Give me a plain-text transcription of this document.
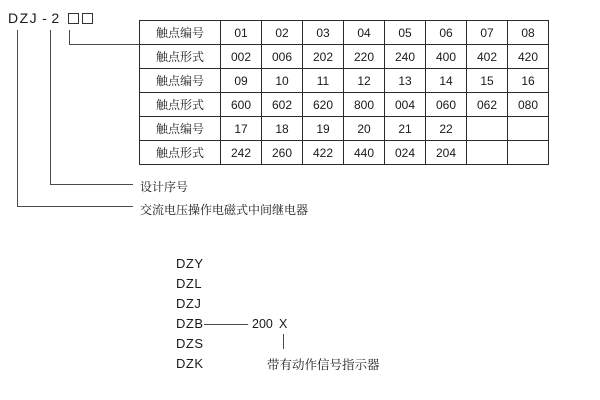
DZJ - 2
触点编号	01	02	03	04	05	06	07	08
触点形式	002	006	202	220	240	400	402	420
触点编号	09	10	11	12	13	14	15	16
触点形式	600	602	620	800	004	060	062	080
触点编号	17	18	19	20	21	22		
触点形式	242	260	422	440	024	204		
设计序号
交流电压操作电磁式中间继电器
DZY
DZL
DZJ
DZB
DZS
DZK
200 X
带有动作信号指示器
